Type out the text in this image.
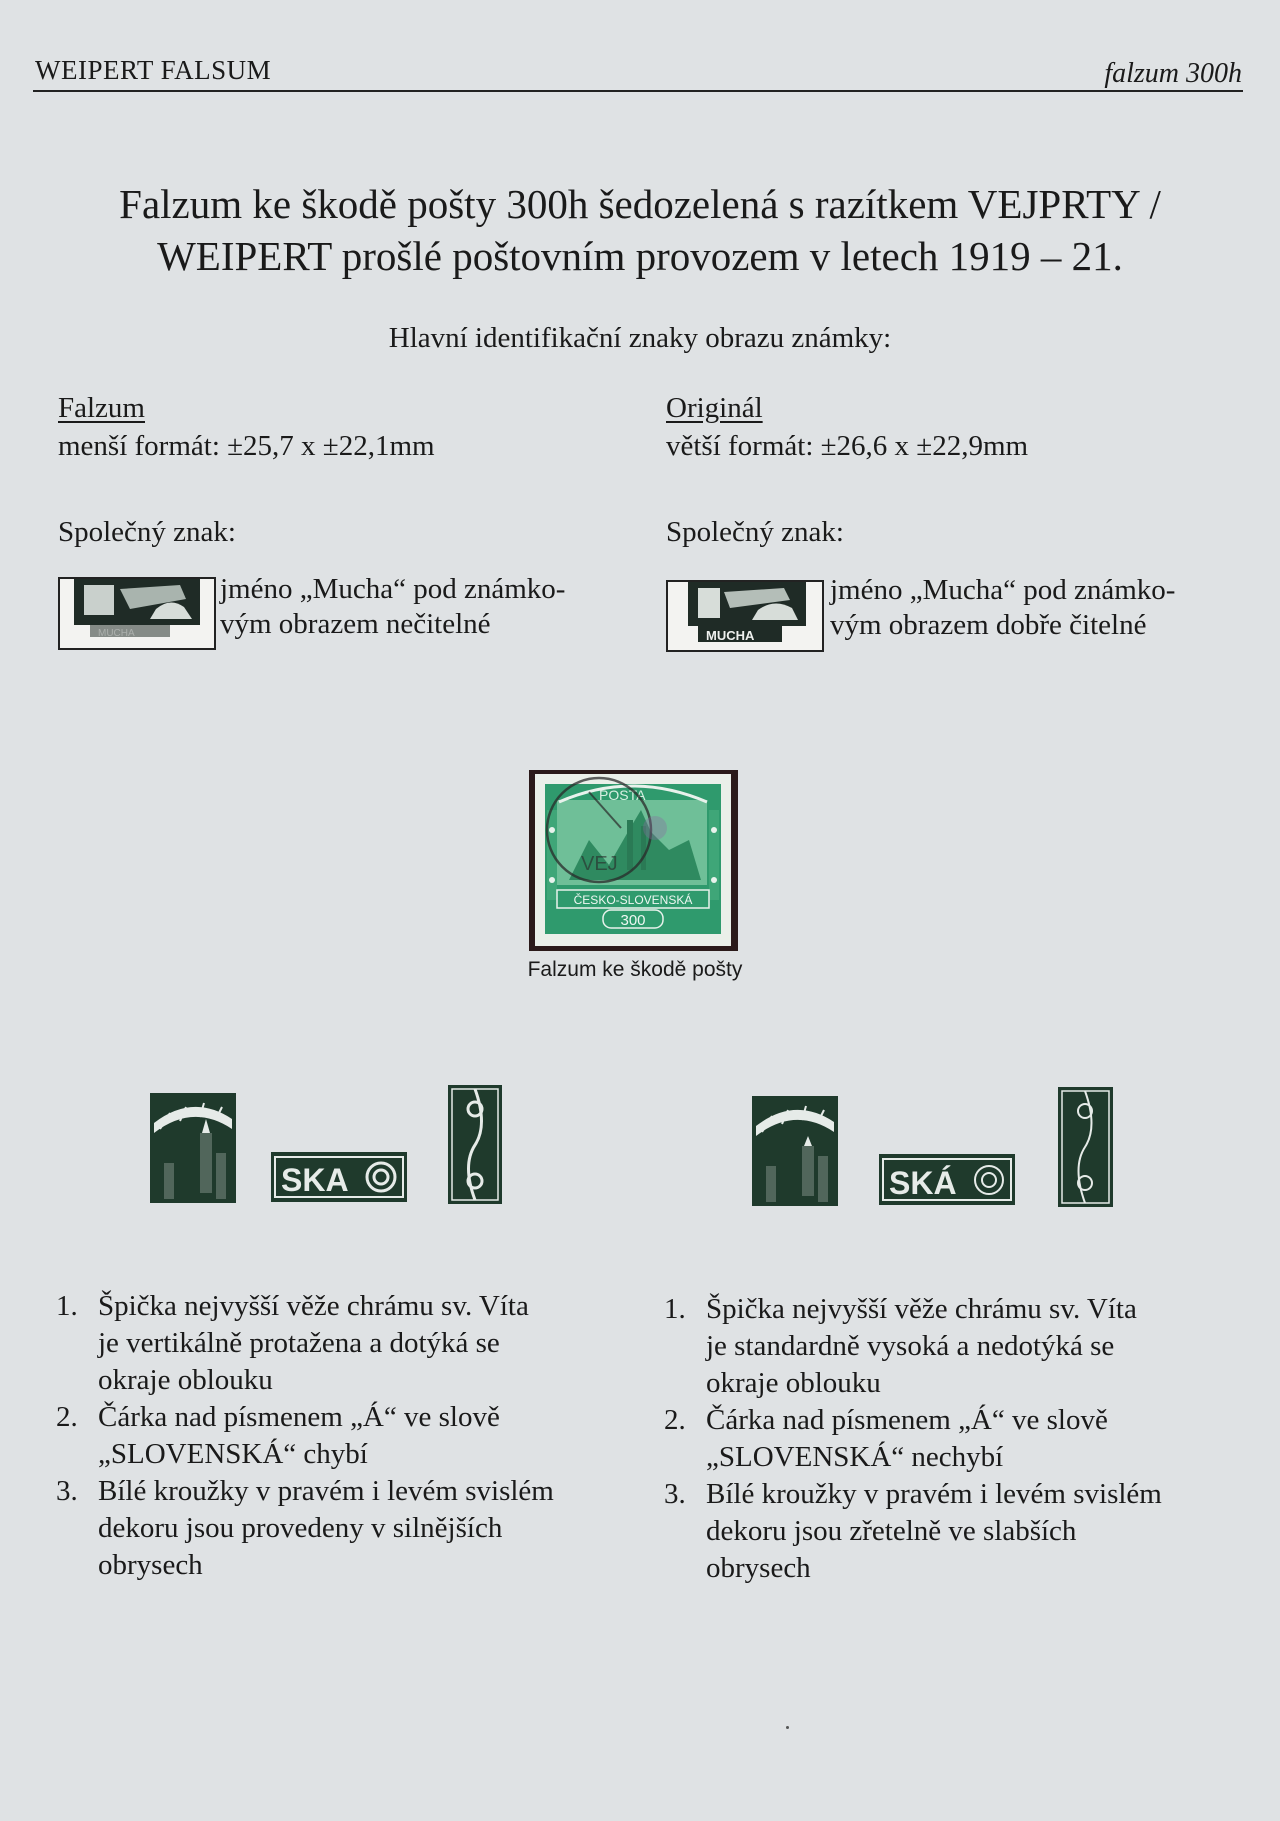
WEIPERT FALSUM	falzum 300h
Falzum ke škodě pošty 300h šedozelená s razítkem VEJPRTY /
WEIPERT prošlé poštovním provozem v letech 1919 – 21.
Hlavní identifikační znaky obrazu známky:
Falzum
menší formát: ±25,7 x ±22,1mm
Společný znak:
MUCHA
jméno „Mucha“ pod známko-
vým obrazem nečitelné
Originál
větší formát: ±26,6 x ±22,9mm
Společný znak:
MUCHA
jméno „Mucha“ pod známko-
vým obrazem dobře čitelné
POSTA
ČESKO-SLOVENSKÁ
300
VEJ
Falzum ke škodě pošty
SKA	SKÁ
1. Špička nejvyšší věže chrámu sv. Víta
je vertikálně protažena a dotýká se
okraje oblouku
2. Čárka nad písmenem „Á“ ve slově
„SLOVENSKÁ“ chybí
3. Bílé kroužky v pravém i levém svislém
dekoru jsou provedeny v silnějších
obrysech
1. Špička nejvyšší věže chrámu sv. Víta
je standardně vysoká a nedotýká se
okraje oblouku
2. Čárka nad písmenem „Á“ ve slově
„SLOVENSKÁ“ nechybí
3. Bílé kroužky v pravém i levém svislém
dekoru jsou zřetelně ve slabších
obrysech
